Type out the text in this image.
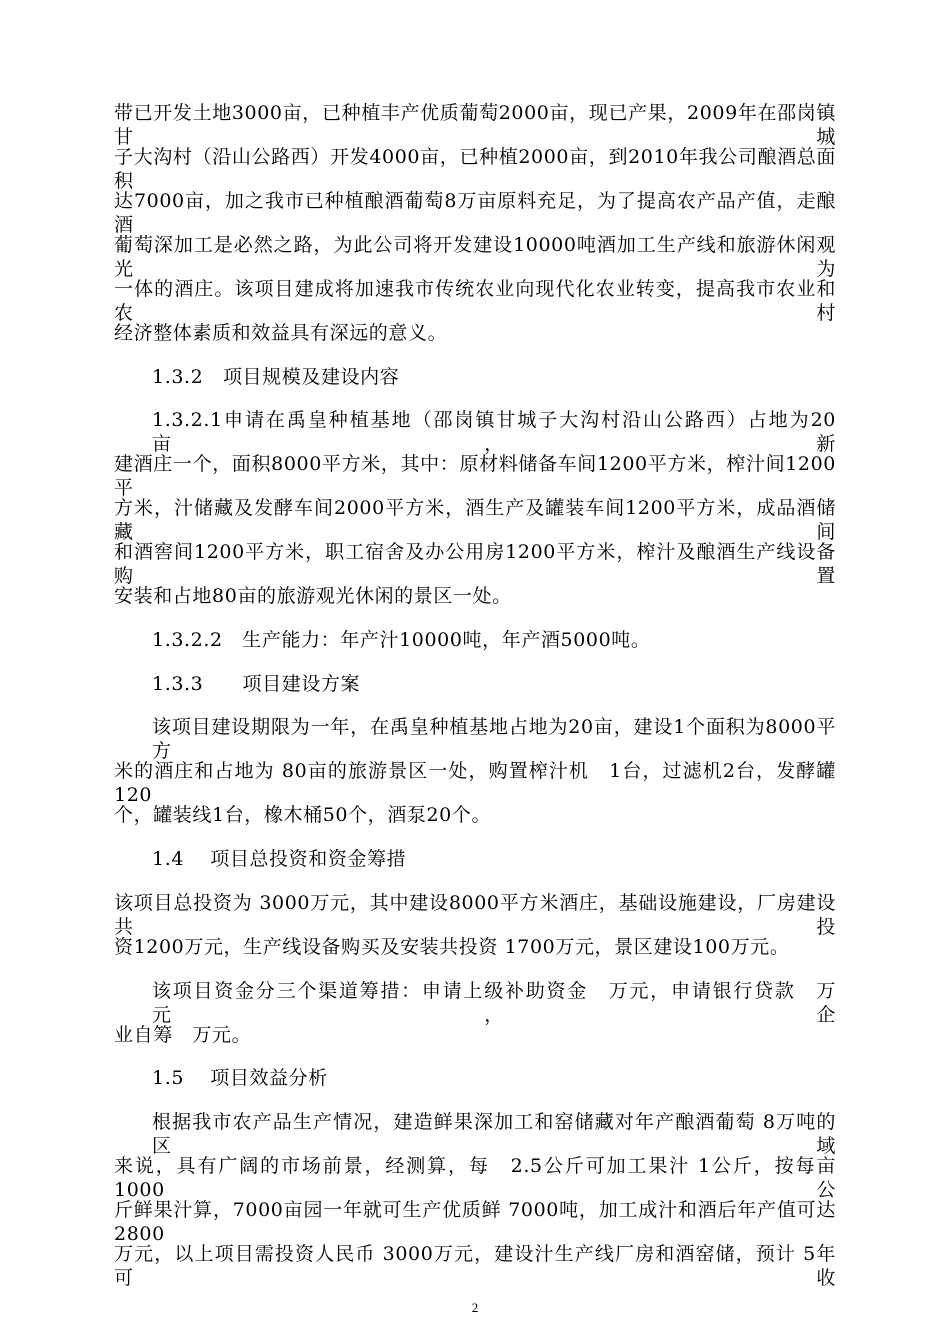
带已开发土地3000亩，已种植丰产优质葡萄2000亩，现已产果，2009年在邵岗镇甘城
子大沟村（沿山公路西）开发4000亩，已种植2000亩，到2010年我公司酿酒总面积
达7000亩，加之我市已种植酿酒葡萄8万亩原料充足，为了提高农产品产值，走酿酒
葡萄深加工是必然之路，为此公司将开发建设10000吨酒加工生产线和旅游休闲观光为
一体的酒庄。该项目建成将加速我市传统农业向现代化农业转变，提高我市农业和农村
经济整体素质和效益具有深远的意义。
1.3.2　项目规模及建设内容
1.3.2.1申请在禹皇种植基地（邵岗镇甘城子大沟村沿山公路西）占地为20亩，新
建酒庄一个，面积8000平方米，其中：原材料储备车间1200平方米，榨汁间1200平
方米，汁储藏及发酵车间2000平方米，酒生产及罐装车间1200平方米，成品酒储藏间
和酒窖间1200平方米，职工宿舍及办公用房1200平方米，榨汁及酿酒生产线设备购置
安装和占地80亩的旅游观光休闲的景区一处。
1.3.2.2　生产能力：年产汁10000吨，年产酒5000吨。
1.3.3　　项目建设方案
该项目建设期限为一年，在禹皇种植基地占地为20亩，建设1个面积为8000平方
米的酒庄和占地为 80亩的旅游景区一处，购置榨汁机　1台，过滤机2台，发酵罐 120
个，罐装线1台，橡木桶50个，酒泵20个。
1.4　 项目总投资和资金筹措
该项目总投资为 3000万元，其中建设8000平方米酒庄，基础设施建设，厂房建设共投
资1200万元，生产线设备购买及安装共投资 1700万元，景区建设100万元。
该项目资金分三个渠道筹措：申请上级补助资金　万元，申请银行贷款　万元，企
业自筹　万元。
1.5　 项目效益分析
根据我市农产品生产情况，建造鲜果深加工和窑储藏对年产酿酒葡萄 8万吨的区域
来说，具有广阔的市场前景，经测算，每　2.5公斤可加工果汁 1公斤，按每亩 1000公
斤鲜果汁算，7000亩园一年就可生产优质鲜 7000吨，加工成汁和酒后年产值可达2800
万元，以上项目需投资人民币 3000万元，建设汁生产线厂房和酒窑储，预计 5年可收
2
